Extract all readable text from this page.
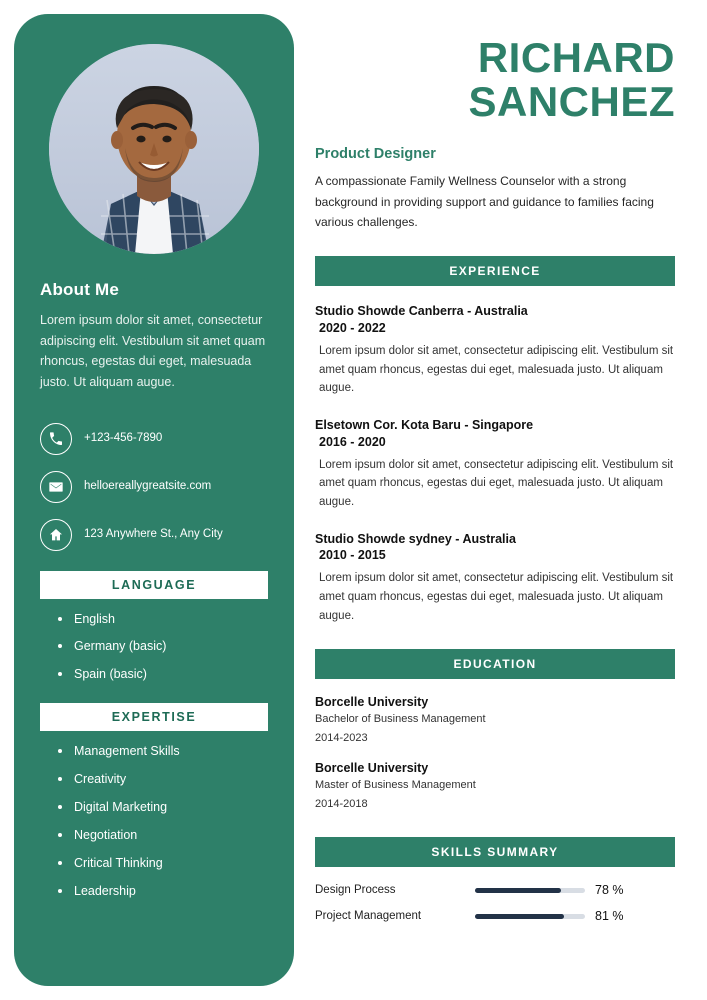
About Me
Lorem ipsum dolor sit amet, consectetur adipiscing elit. Vestibulum sit amet quam rhoncus, egestas dui eget, malesuada justo. Ut aliquam augue.
+123-456-7890
helloereallygreatsite.com
123 Anywhere St., Any City
LANGUAGE
English
Germany (basic)
Spain (basic)
EXPERTISE
Management Skills
Creativity
Digital Marketing
Negotiation
Critical Thinking
Leadership
RICHARD
SANCHEZ
Product Designer
A compassionate Family Wellness Counselor with a strong background in providing support and guidance to families facing various challenges.
EXPERIENCE
Studio Showde Canberra - Australia
2020 - 2022
Lorem ipsum dolor sit amet, consectetur adipiscing elit. Vestibulum sit amet quam rhoncus, egestas dui eget, malesuada justo. Ut aliquam augue.
Elsetown Cor. Kota Baru - Singapore
2016 - 2020
Lorem ipsum dolor sit amet, consectetur adipiscing elit. Vestibulum sit amet quam rhoncus, egestas dui eget, malesuada justo. Ut aliquam augue.
Studio Showde sydney - Australia
2010 - 2015
Lorem ipsum dolor sit amet, consectetur adipiscing elit. Vestibulum sit amet quam rhoncus, egestas dui eget, malesuada justo. Ut aliquam augue.
EDUCATION
Borcelle University
Bachelor of Business Management
2014-2023
Borcelle University
Master of Business Management
2014-2018
SKILLS SUMMARY
Design Process	78 %
Project Management	81 %
